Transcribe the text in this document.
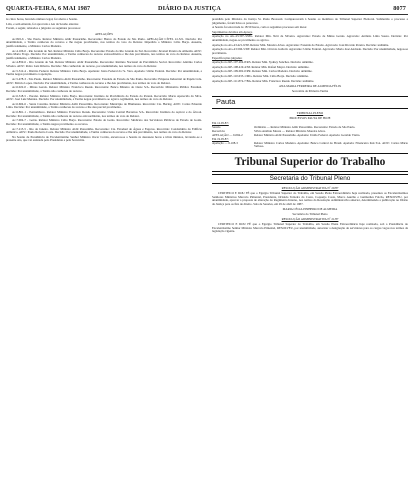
QUARTA-FEIRA, 6 MAI 1987	DIÁRIO DA JUSTIÇA	8077

às cinco horas, havendo número legal, foi aberta a Sessão.

Lida, e sem emenda, foi aprovada a Ata da Sessão anterior.

Foram, a seguir, relatados e julgados os seguintes processos:

APELAÇÕES

Ac.845-6 - São Paulo. Relator Ministro Aldir Passarinho. Recorrente: Banco do Estado de São Paulo. APELAÇÃO CÍVEL 41.321. Decisão: Por unanimidade, a Turma conheceu do recurso e lhe negou provimento, nos termos do voto do Relator. Impedido o Ministro Célio Borja. Ausente, justificadamente, o Ministro Carlos Madeira.

Ac.4.106-0 - Rio Grande do Sul. Relator Ministro Célio Borja. Recorrente: Estado do Rio Grande do Sul. Recorrido: Juvenal Pereira de Almeida. ADV.: Zélia Maria Fraga. Decisão: Por unanimidade, a Turma conheceu do recurso extraordinário e lhe deu provimento, nos termos do voto do Relator. Ausente, justificadamente, o Ministro Carlos Madeira.

Ac.4.859-6 - Rio Grande do Sul. Relator Ministro Aldir Passarinho. Recorrente: Instituto Nacional de Previdência Social. Recorrido: Antônio Carlos Silveira. ADV.: Pedro Luiz Ribeiro. Decisão: Não conhecido do recurso, por unanimidade, nos termos do voto do Relator.

Ac.5.312-4 - Distrito Federal. Relator Ministro Célio Borja. Apelante: Juízo Federal da 7a. Vara. Apelado: União Federal. Decisão: Por unanimidade, a Turma negou provimento à apelação.

Ac.5.478-3 - São Paulo. Relator Ministro Aldir Passarinho. Recorrente: Fazenda do Estado de São Paulo. Recorrido: Empresa Industrial de Papéis Ltda. ADV.: Márcio Lopes. Decisão: Por unanimidade, a Turma conheceu do recurso e lhe deu provimento, nos termos do voto do Relator.

Ac.6.022-0 - Minas Gerais. Relator Ministro Francisco Rezek. Recorrente: Banco Mineiro do Oeste S/A. Recorrido: Ministério Público Estadual. Decisão: Por unanimidade, a Turma não conheceu do recurso.

Ac.6.318-5 - Paraná. Relator Ministro Célio Borja. Recorrente: Instituto de Previdência do Estado do Paraná. Recorrida: Maria Aparecida da Silva. ADV.: José Luiz Mendes. Decisão: Por unanimidade, a Turma negou provimento ao agravo regimental, nos termos do voto do Relator.

Ac.6.604-6 - Santa Catarina. Relator Ministro Aldir Passarinho. Recorrente: Município de Blumenau. Recorrida: Cia. Hering. ADV.: Carlos Eduardo Lima. Decisão: Por unanimidade, a Turma conheceu do recurso e lhe deu parcial provimento.

Ac.6.861-1 - Pernambuco. Relator Ministro Francisco Rezek. Recorrente: Usina Central Barreiros S/A. Recorrido: Instituto do Açúcar e do Álcool. Decisão: Por unanimidade, a Turma não conheceu do recurso extraordinário, nos termos do voto do Relator.

Ac.7.004-7 - Goiás. Relator Ministro Célio Borja. Recorrente: Estado de Goiás. Recorrido: Sindicato dos Servidores Públicos do Estado de Goiás. Decisão: Por unanimidade, a Turma negou provimento ao recurso.

Ac.7.215-5 - Rio de Janeiro. Relator Ministro Aldir Passarinho. Recorrente: Cia. Estadual de Águas e Esgotos. Recorrido: Condomínio do Edifício Atlântico. ADV.: Paulo Roberto Costa. Decisão: Por unanimidade, a Turma conheceu do recurso e lhe deu provimento, nos termos do voto do Relator.

Na Sessão de Presidência do Excelentíssimo Senhor Ministro Oscar Corrêa, encerrou-se a Sessão às dezessete horas e trinta minutos, lavrando-se a presente Ata, que vai assinada pelo Presidente e pela Secretária.

presidida pelo Ministro da Justiça Sr. Paulo Brossard. Compareceram à Sessão os membros do Tribunal Superior Eleitoral. Submetido o processo a julgamento, foram lidos os pareceres.

A Sessão foi encerrada às 18:50 horas, com os seguintes processos em mesa:

Suprimentos devidos em Apreço

Apelação no AG-43.397-3/MG. Relator Min. Néri da Silveira. Agravante: Estado de Minas Gerais. Agravado: Antônio Lima Souza. Decisão: Por unanimidade, negou-se provimento ao agravo.

Apelação no AG-43.421-9/SP. Relator Min. Moreira Alves. Agravante: Fazenda do Estado. Agravado: José Ricardo Pereira. Decisão: unânime.

Apelação no AG-43.566-5/DF. Relator Min. Octavio Gallotti. Agravante: União Federal. Agravado: Maria José Andrade. Decisão: Por unanimidade, negou-se provimento.

Especificações julgadas:

Apelação no RE-107.204-8/RS. Relator Min. Sydney Sanches. Decisão: unânime.

Apelação no RE-108.419-4/SP. Relator Min. Rafael Mayer. Decisão: unânime.

Apelação no RE-109.002-0/PR. Relator Min. Carlos Madeira. Decisão: unânime.

Apelação no RE-110.635-1/MG. Relator Min. Célio Borja. Decisão: unânime.

Apelação no RE-111.874-7/BA. Relator Min. Francisco Rezek. Decisão: unânime.

ANA MARIA FERREIRA DE ALMEIDA FÉLIX
Secretária da Primeira Turma
Pauta
TRIBUNAL PLENO
PROCESSOS PAUTA DE HOJE
Em 12.05.87:
Sessão	Ordinária — Relator Ministro Aldir Passarinho. Recorrente: Estado de São Paulo.
Recorrido:	Silvio Antônio Moura — Relator Ministro Moreira Alves.
APELAÇÃO — 6.094-2	Relator Ministro Aldir Passarinho. Apelante: União Federal. Apelado: Geraldo Vieira.
Em 19.05.87:
Apelação — 6.108-3	Relator Ministro Carlos Madeira. Apelante: Banco Central do Brasil. Apelada: Financeira Itaú S/A. ADV.: Carlos Mário Velloso.
Tribunal Superior do Trabalho
Secretaria do Tribunal Pleno
RESOLUÇÃO ADMINISTRATIVA Nº 20/87

CERTIFICO E DOU FÉ que o Egrégio Tribunal Superior do Trabalho, em Sessão Plena Extraordinária hoje realizada, presentes os Excelentíssimos Senhores Ministros Marcelo Pimentel, Presidente, Orlando Teixeira da Costa, Coqueijo Costa, Marco Aurélio e Guimarães Falcão, RESOLVEU, por unanimidade, aprovar a proposta de alteração do Regimento Interno, nos termos da Resolução Administrativa anterior, determinando a publicação no Diário da Justiça para os fins de direito. Sala de Sessões, em 29 de abril de 1987.

MARIA CÉLIA PINHEIRO DE ALMEIDA
Secretária do Tribunal Pleno
RESOLUÇÃO ADMINISTRATIVA Nº 21/87

CERTIFICO E DOU FÉ que o Egrégio Tribunal Superior do Trabalho, em Sessão Plena Extraordinária hoje realizada, sob a Presidência do Excelentíssimo Senhor Ministro Marcelo Pimentel, RESOLVEU, por unanimidade, autorizar a designação de servidores para os cargos vagos nos termos da legislação vigente.
